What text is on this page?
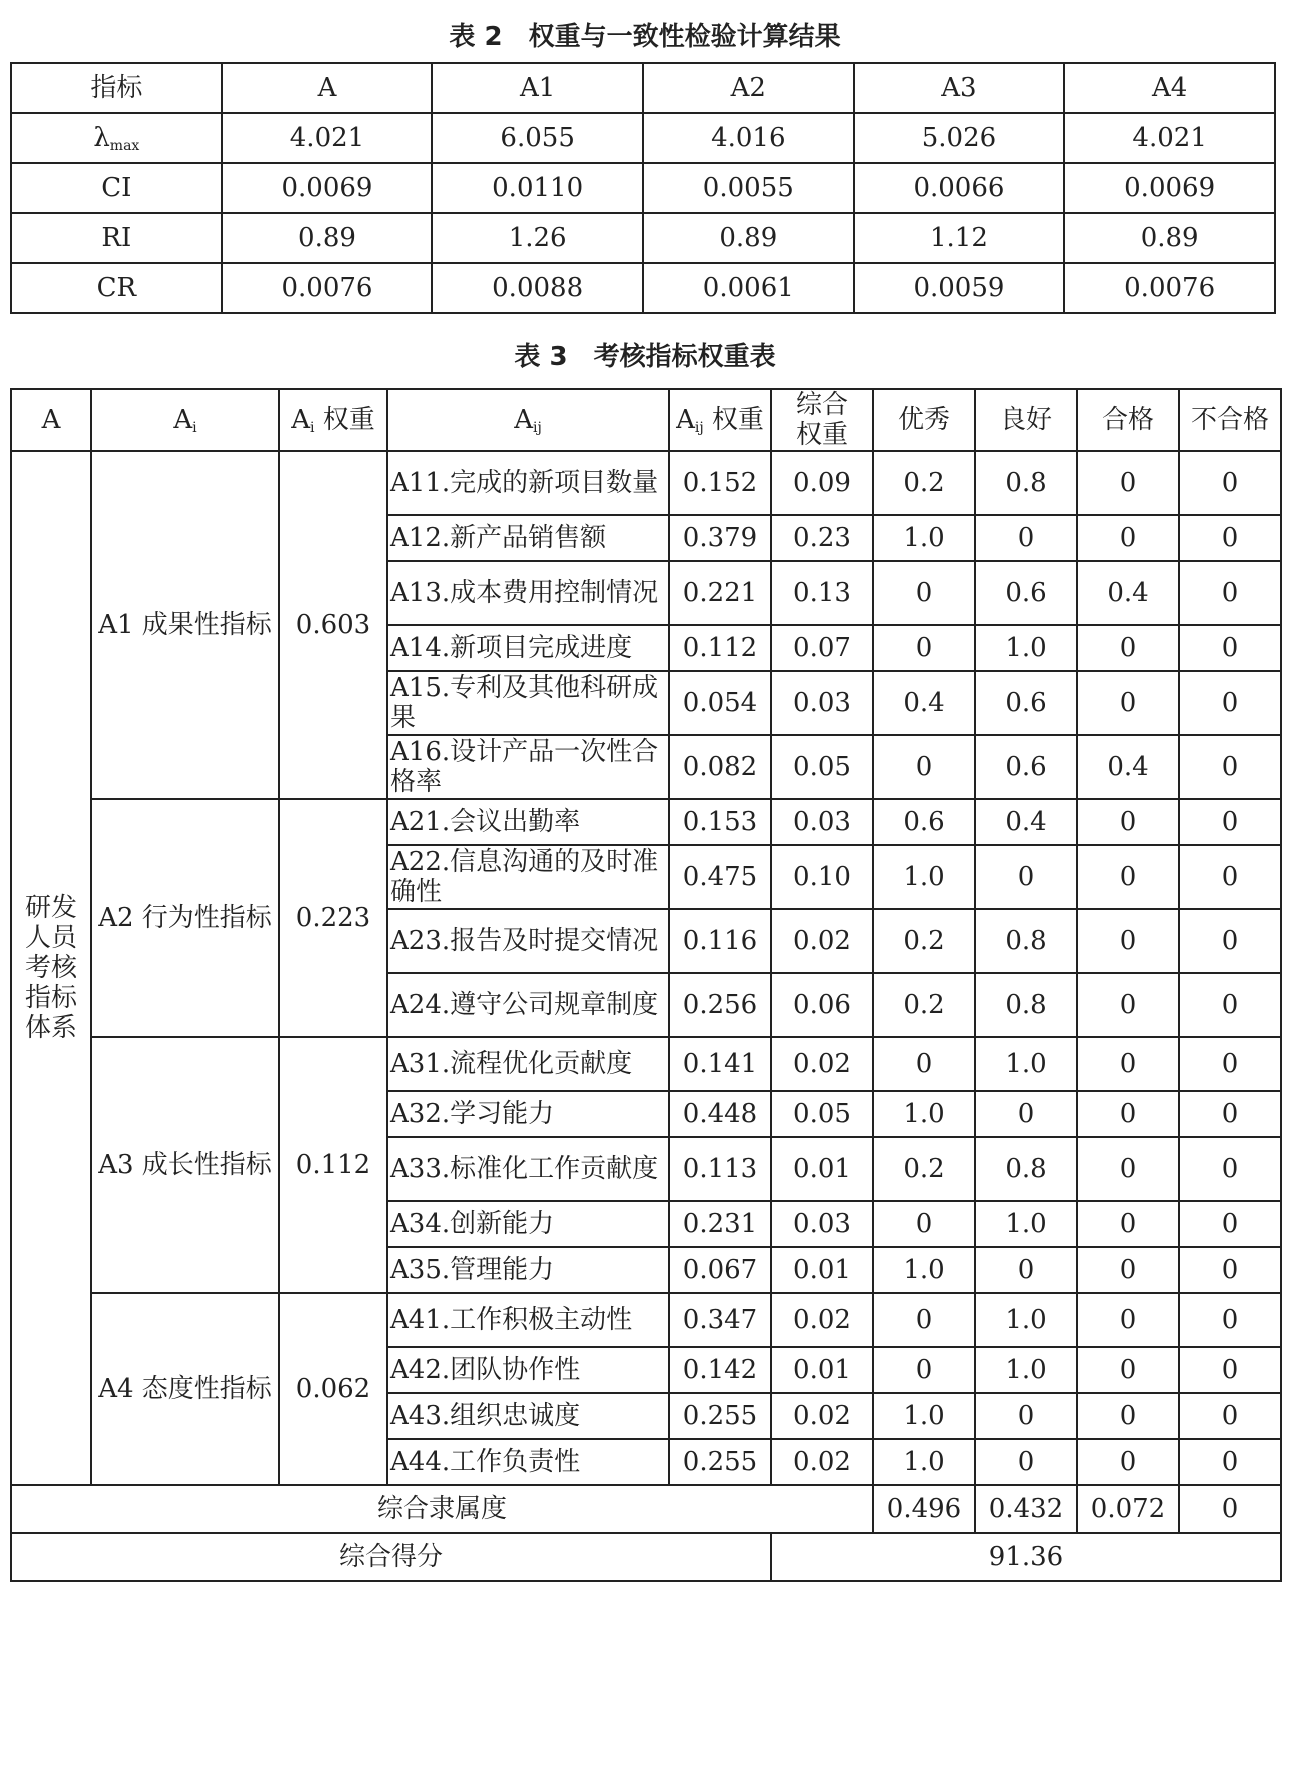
表 2　权重与一致性检验计算结果
指标	A	A1	A2	A3	A4
$\lambda_{max}$	4.021	6.055	4.016	5.026	4.021
CI	0.0069	0.0110	0.0055	0.0066	0.0069
RI	0.89	1.26	0.89	1.12	0.89
CR	0.0076	0.0088	0.0061	0.0059	0.0076
表 3　考核指标权重表
A	$A_i$	$A_i$ 权重	$A_{ij}$	$A_{ij}$ 权重	综合权重	优秀	良好	合格	不合格

研发人员考核指标体系	A1 成果性指标	0.603	A11.完成的新项目数量	0.152	0.09	0.2	0.8	0	0
			A12.新产品销售额	0.379	0.23	1.0	0	0	0
			A13.成本费用控制情况	0.221	0.13	0	0.6	0.4	0
			A14.新项目完成进度	0.112	0.07	0	1.0	0	0
			A15.专利及其他科研成果	0.054	0.03	0.4	0.6	0	0
			A16.设计产品一次性合格率	0.082	0.05	0	0.6	0.4	0

	A2 行为性指标	0.223	A21.会议出勤率	0.153	0.03	0.6	0.4	0	0
			A22.信息沟通的及时准确性	0.475	0.10	1.0	0	0	0
			A23.报告及时提交情况	0.116	0.02	0.2	0.8	0	0
			A24.遵守公司规章制度	0.256	0.06	0.2	0.8	0	0

	A3 成长性指标	0.112	A31.流程优化贡献度	0.141	0.02	0	1.0	0	0
			A32.学习能力	0.448	0.05	1.0	0	0	0
			A33.标准化工作贡献度	0.113	0.01	0.2	0.8	0	0
			A34.创新能力	0.231	0.03	0	1.0	0	0
			A35.管理能力	0.067	0.01	1.0	0	0	0

	A4 态度性指标	0.062	A41.工作积极主动性	0.347	0.02	0	1.0	0	0
			A42.团队协作性	0.142	0.01	0	1.0	0	0
			A43.组织忠诚度	0.255	0.02	1.0	0	0	0
			A44.工作负责性	0.255	0.02	1.0	0	0	0
综合隶属度						0.496	0.432	0.072	0
综合得分					91.36				
